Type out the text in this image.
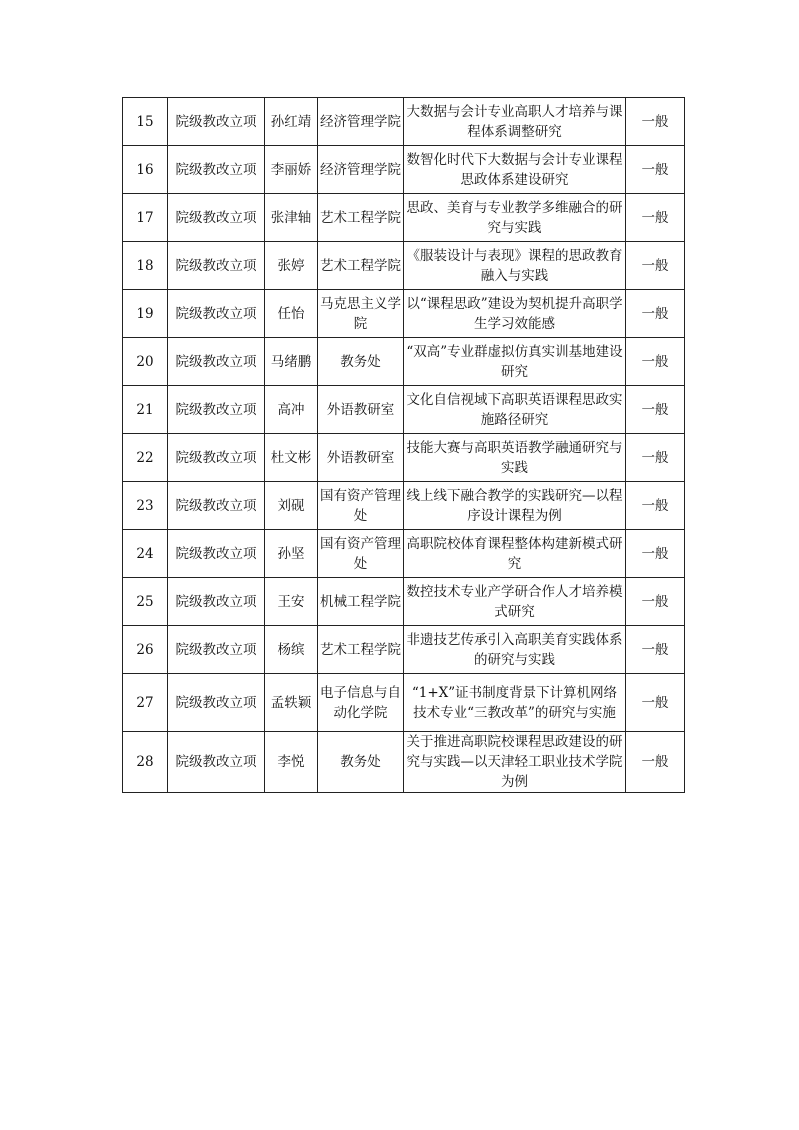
15	院级教改立项	孙红靖	经济管理学院	大数据与会计专业高职人才培养与课程体系调整研究	一般
16	院级教改立项	李丽娇	经济管理学院	数智化时代下大数据与会计专业课程思政体系建设研究	一般
17	院级教改立项	张津轴	艺术工程学院	思政、美育与专业教学多维融合的研究与实践	一般
18	院级教改立项	张婷	艺术工程学院	《服装设计与表现》课程的思政教育融入与实践	一般
19	院级教改立项	任怡	马克思主义学院	以“课程思政”建设为契机提升高职学生学习效能感	一般
20	院级教改立项	马绪鹏	教务处	“双高”专业群虚拟仿真实训基地建设研究	一般
21	院级教改立项	高冲	外语教研室	文化自信视域下高职英语课程思政实施路径研究	一般
22	院级教改立项	杜文彬	外语教研室	技能大赛与高职英语教学融通研究与实践	一般
23	院级教改立项	刘砚	国有资产管理处	线上线下融合教学的实践研究—以程序设计课程为例	一般
24	院级教改立项	孙坚	国有资产管理处	高职院校体育课程整体构建新模式研究	一般
25	院级教改立项	王安	机械工程学院	数控技术专业产学研合作人才培养模式研究	一般
26	院级教改立项	杨缤	艺术工程学院	非遗技艺传承引入高职美育实践体系的研究与实践	一般
27	院级教改立项	孟轶颖	电子信息与自动化学院	“1+X”证书制度背景下计算机网络技术专业“三教改革”的研究与实施	一般
28	院级教改立项	李悦	教务处	关于推进高职院校课程思政建设的研究与实践—以天津轻工职业技术学院为例	一般
